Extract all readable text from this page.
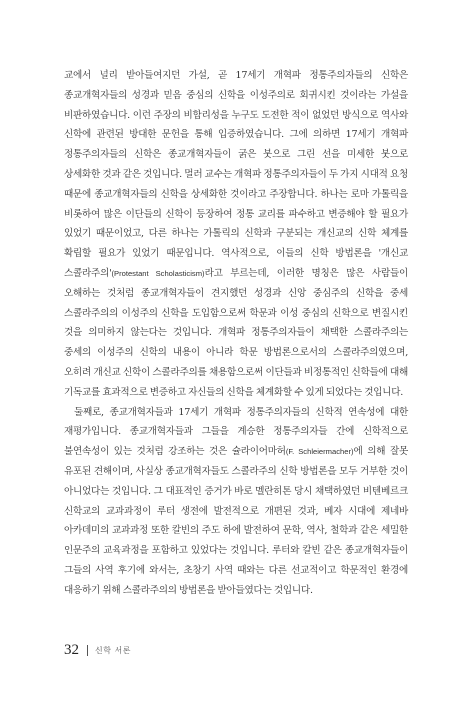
교에서 널리 받아들여지던 가설, 곧 17세기 개혁파 정통주의자들의 신학은 종교개혁자들의 성경과 믿음 중심의 신학을 이성주의로 회귀시킨 것이라는 가설을 비판하였습니다. 이런 주장의 비합리성을 누구도 도전한 적이 없었던 방식으로 역사와 신학에 관련된 방대한 문헌을 통해 입증하였습니다. 그에 의하면 17세기 개혁파 정통주의자들의 신학은 종교개혁자들이 굵은 붓으로 그린 선을 미세한 붓으로 상세화한 것과 같은 것입니다. 멀러 교수는 개혁파 정통주의자들이 두 가지 시대적 요청 때문에 종교개혁자들의 신학을 상세화한 것이라고 주장합니다. 하나는 로마 가톨릭을 비롯하여 많은 이단들의 신학이 등장하여 정통 교리를 파수하고 변증해야 할 필요가 있었기 때문이었고, 다른 하나는 가톨릭의 신학과 구분되는 개신교의 신학 체계를 확립할 필요가 있었기 때문입니다. 역사적으로, 이들의 신학 방법론을 '개신교 스콜라주의'(Protestant Scholasticism)라고 부르는데, 이러한 명칭은 많은 사람들이 오해하는 것처럼 종교개혁자들이 견지했던 성경과 신앙 중심주의 신학을 중세 스콜라주의의 이성주의 신학을 도입함으로써 학문과 이성 중심의 신학으로 변질시킨 것을 의미하지 않는다는 것입니다. 개혁파 정통주의자들이 채택한 스콜라주의는 중세의 이성주의 신학의 내용이 아니라 학문 방법론으로서의 스콜라주의였으며, 오히려 개신교 신학이 스콜라주의를 채용함으로써 이단들과 비정통적인 신학들에 대해 기독교를 효과적으로 변증하고 자신들의 신학을 체계화할 수 있게 되었다는 것입니다.

둘째로, 종교개혁자들과 17세기 개혁파 정통주의자들의 신학적 연속성에 대한 재평가입니다. 종교개혁자들과 그들을 계승한 정통주의자들 간에 신학적으로 불연속성이 있는 것처럼 강조하는 것은 슐라이어마허(F. Schleiermacher)에 의해 잘못 유포된 견해이며, 사실상 종교개혁자들도 스콜라주의 신학 방법론을 모두 거부한 것이 아니었다는 것입니다. 그 대표적인 증거가 바로 멜란히톤 당시 채택하였던 비텐베르크 신학교의 교과과정이 루터 생전에 발전적으로 개편된 것과, 베자 시대에 제네바 아카데미의 교과과정 또한 칼빈의 주도 하에 발전하여 문학, 역사, 철학과 같은 세밀한 인문주의 교육과정을 포함하고 있었다는 것입니다. 루터와 칼빈 같은 종교개혁자들이 그들의 사역 후기에 와서는, 초창기 사역 때와는 다른 선교적이고 학문적인 환경에 대응하기 위해 스콜라주의의 방법론을 받아들였다는 것입니다.

32 신학 서론
